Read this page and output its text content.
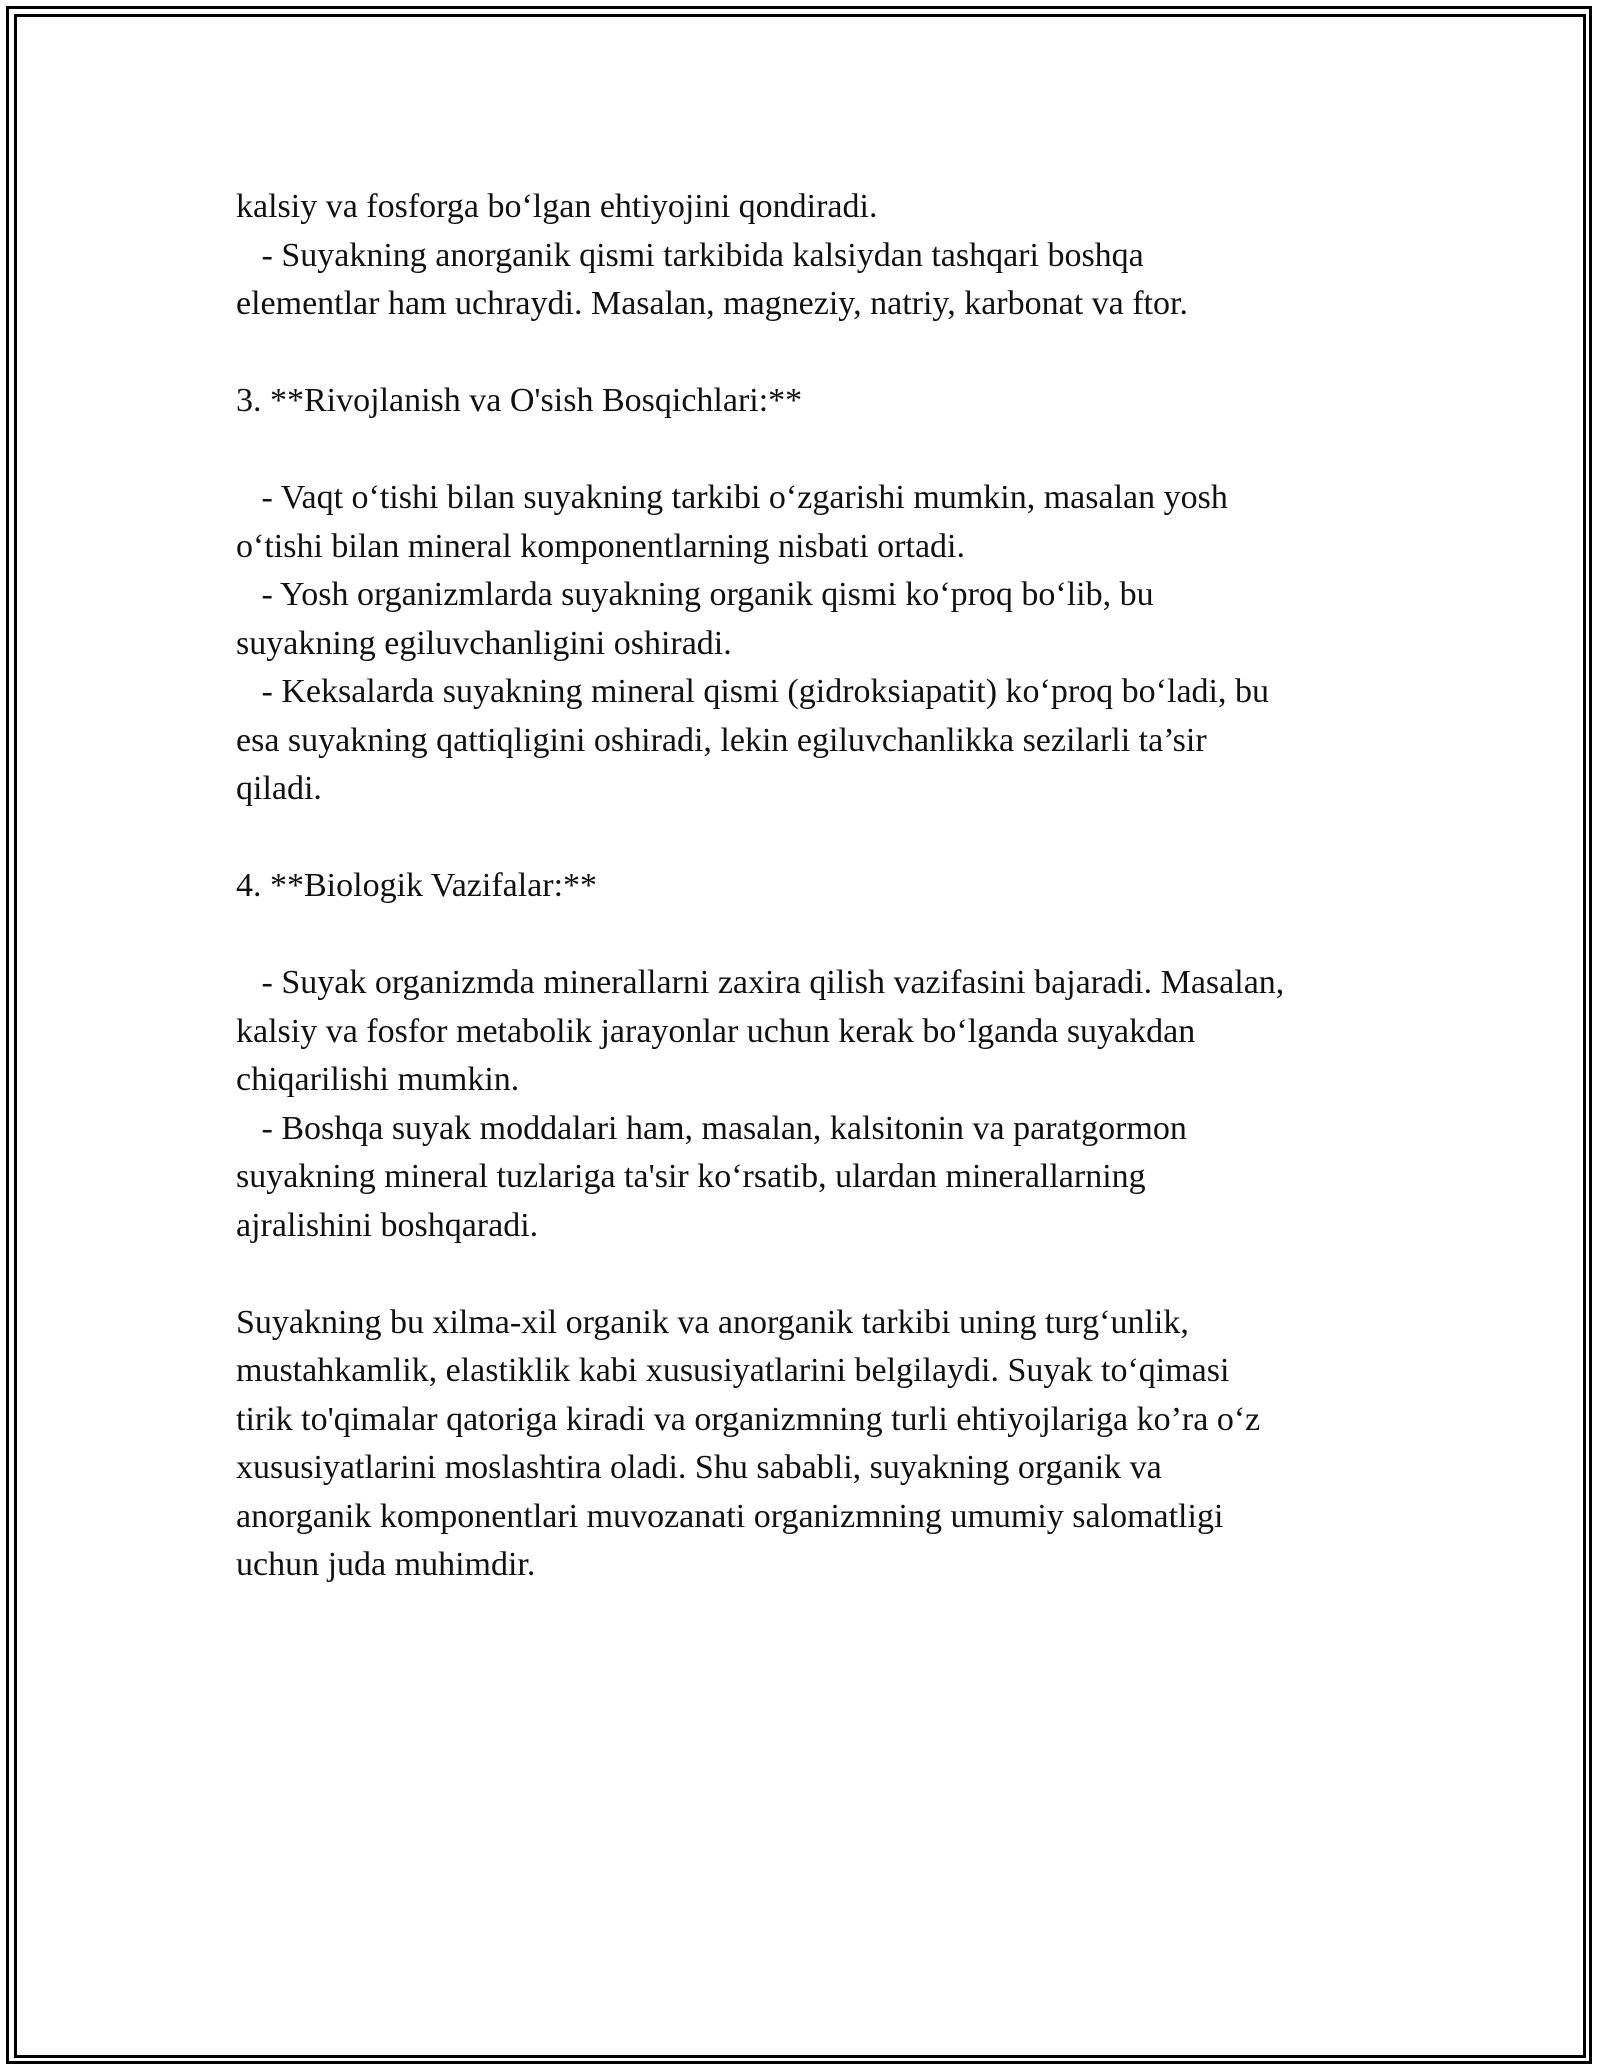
kalsiy va fosforga bo‘lgan ehtiyojini qondiradi.

- Suyakning anorganik qismi tarkibida kalsiydan tashqari boshqa

elementlar ham uchraydi. Masalan, magneziy, natriy, karbonat va ftor.

3. **Rivojlanish va O'sish Bosqichlari:**

- Vaqt o‘tishi bilan suyakning tarkibi o‘zgarishi mumkin, masalan yosh

o‘tishi bilan mineral komponentlarning nisbati ortadi.

- Yosh organizmlarda suyakning organik qismi ko‘proq bo‘lib, bu

suyakning egiluvchanligini oshiradi.

- Keksalarda suyakning mineral qismi (gidroksiapatit) ko‘proq bo‘ladi, bu

esa suyakning qattiqligini oshiradi, lekin egiluvchanlikka sezilarli ta’sir

qiladi.

4. **Biologik Vazifalar:**

- Suyak organizmda minerallarni zaxira qilish vazifasini bajaradi. Masalan,

kalsiy va fosfor metabolik jarayonlar uchun kerak bo‘lganda suyakdan

chiqarilishi mumkin.

- Boshqa suyak moddalari ham, masalan, kalsitonin va paratgormon

suyakning mineral tuzlariga ta'sir ko‘rsatib, ulardan minerallarning

ajralishini boshqaradi.

Suyakning bu xilma-xil organik va anorganik tarkibi uning turg‘unlik,

mustahkamlik, elastiklik kabi xususiyatlarini belgilaydi. Suyak to‘qimasi

tirik to'qimalar qatoriga kiradi va organizmning turli ehtiyojlariga ko’ra o‘z

xususiyatlarini moslashtira oladi. Shu sababli, suyakning organik va

anorganik komponentlari muvozanati organizmning umumiy salomatligi

uchun juda muhimdir.
